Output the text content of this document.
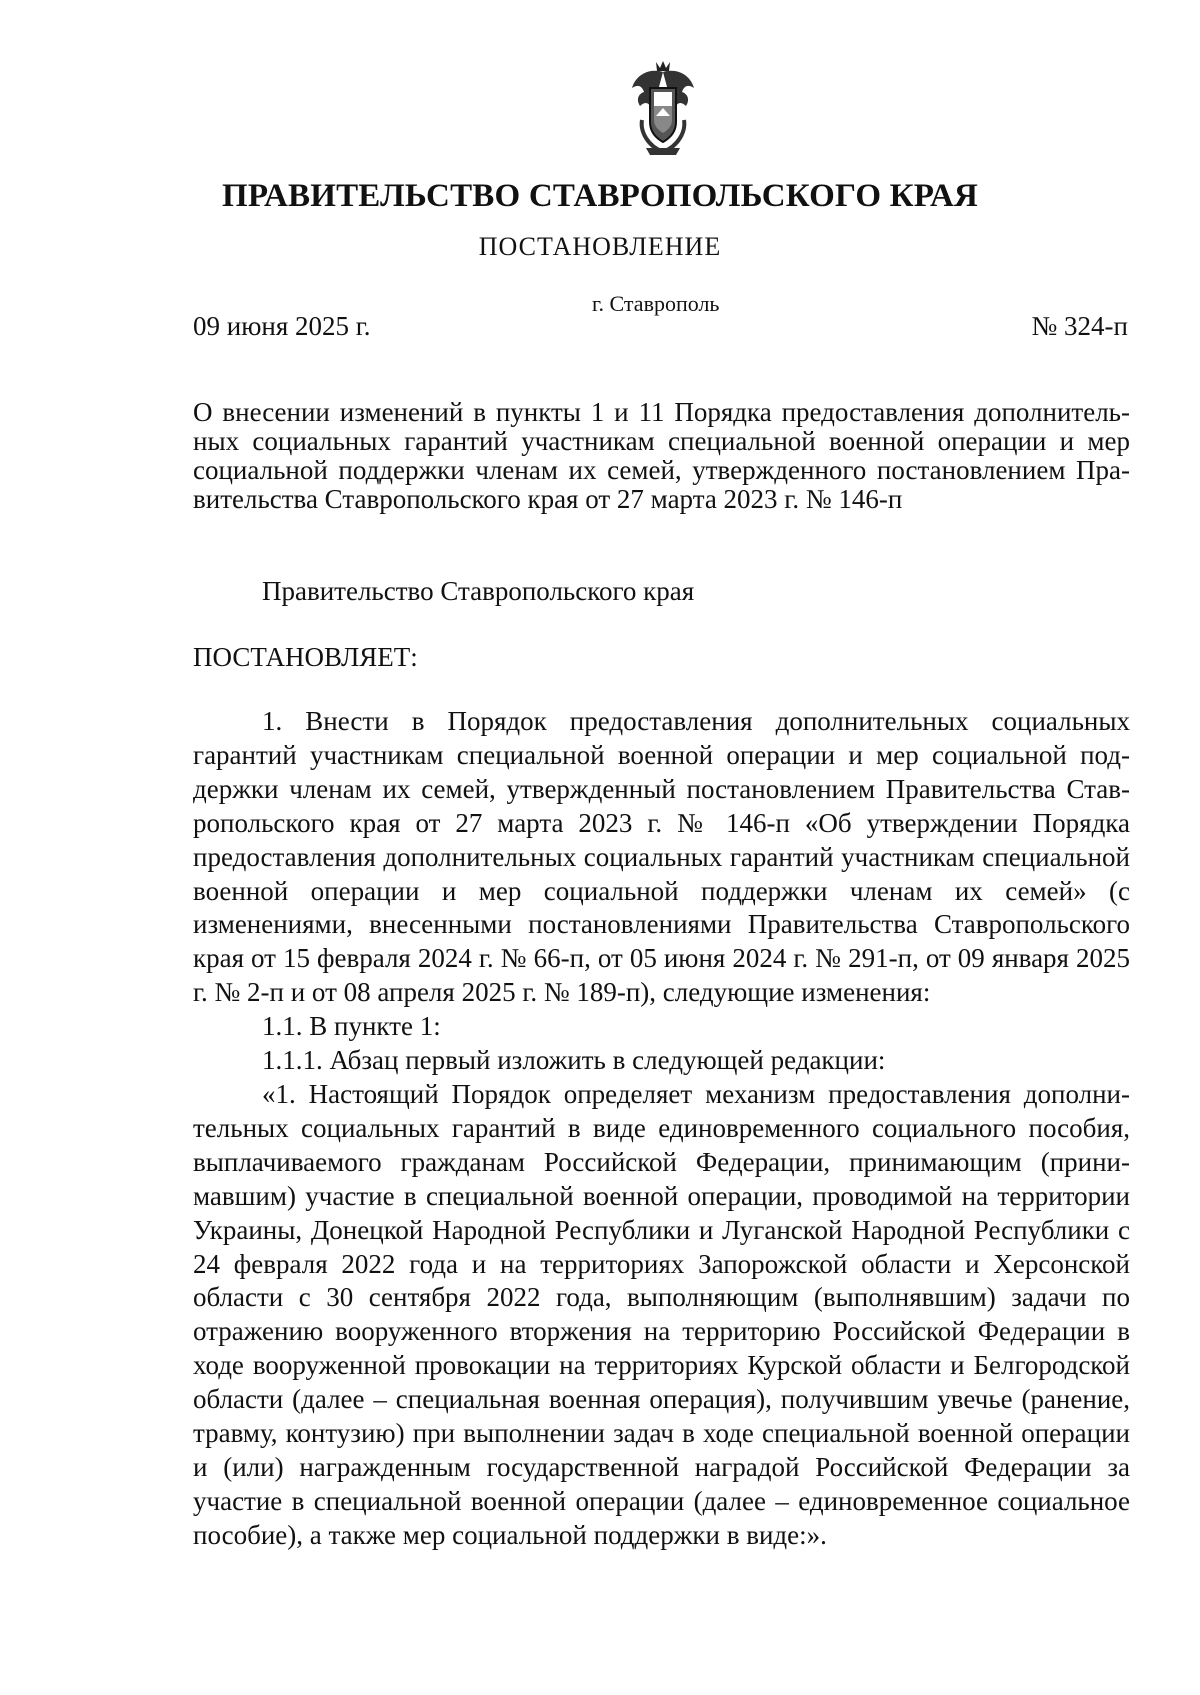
ПРАВИТЕЛЬСТВО СТАВРОПОЛЬСКОГО КРАЯ
ПОСТАНОВЛЕНИЕ
г. Ставрополь
09 июня 2025 г.	№ 324-п
О внесении изменений в пункты 1 и 11 Порядка предоставления дополнительных социальных гарантий участникам специальной военной операции и мер социальной поддержки членам их семей, утвержденного постановлением Правительства Ставропольского края от 27 марта 2023 г. № 146-п
Правительство Ставропольского края
ПОСТАНОВЛЯЕТ:

1. Внести в Порядок предоставления дополнительных социальных гарантий участникам специальной военной операции и мер социальной поддержки членам их семей, утвержденный постановлением Правительства Ставропольского края от 27 марта 2023 г. № 146-п «Об утверждении Порядка предоставления дополнительных социальных гарантий участникам специальной военной операции и мер социальной поддержки членам их семей» (с изменениями, внесенными постановлениями Правительства Ставропольского края от 15 февраля 2024 г. № 66-п, от 05 июня 2024 г. № 291-п, от 09 января 2025 г. № 2-п и от 08 апреля 2025 г. № 189-п), следующие изменения:

1.1. В пункте 1:

1.1.1. Абзац первый изложить в следующей редакции:

«1. Настоящий Порядок определяет механизм предоставления дополнительных социальных гарантий в виде единовременного социального пособия, выплачиваемого гражданам Российской Федерации, принимающим (принимавшим) участие в специальной военной операции, проводимой на территории Украины, Донецкой Народной Республики и Луганской Народной Республики с 24 февраля 2022 года и на территориях Запорожской области и Херсонской области с 30 сентября 2022 года, выполняющим (выполнявшим) задачи по отражению вооруженного вторжения на территорию Российской Федерации в ходе вооруженной провокации на территориях Курской области и Белгородской области (далее – специальная военная операция), получившим увечье (ранение, травму, контузию) при выполнении задач в ходе специальной военной операции и (или) награжденным государственной наградой Российской Федерации за участие в специальной военной операции (далее – единовременное социальное пособие), а также мер социальной поддержки в виде:».
